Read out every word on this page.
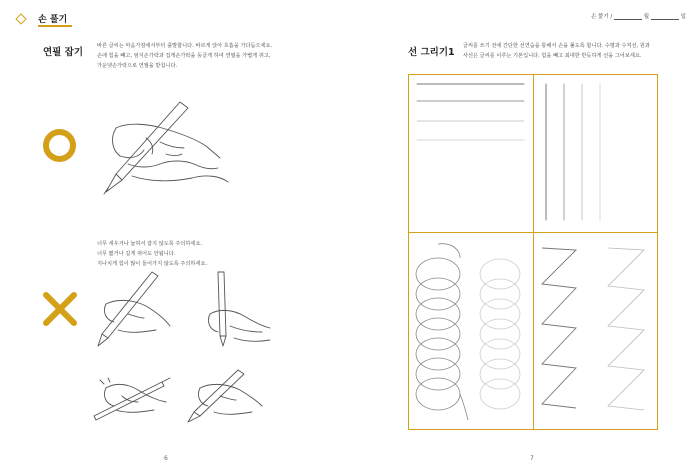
손 풀기
연필 잡기
바른 글씨는 마음가짐에서부터 출발합니다. 바르게 앉아 호흡을 가다듬으세요.
손에 힘을 빼고, 엄지손가락과 집게손가락을 동글게 하여 연필을 가볍게 쥐고,
가운뎃손가락으로 연필을 받칩니다.
너무 세우거나 눕혀서 잡지 않도록 주의하세요.
너무 짧거나 길게 쥐어도 안됩니다.
지나치게 힘이 많이 들어가지 않도록 주의하세요.
6
손 풀기 /	월	일
선 그리기1
글씨를 쓰기 전에 간단한 선연습을 통해서 손을 풀도록 합니다. 수평과 수직선, 원과
사선은 글씨를 이루는 기본입니다. 힘을 빼고 최대한 반듯하게 선을 그어보세요.
7
